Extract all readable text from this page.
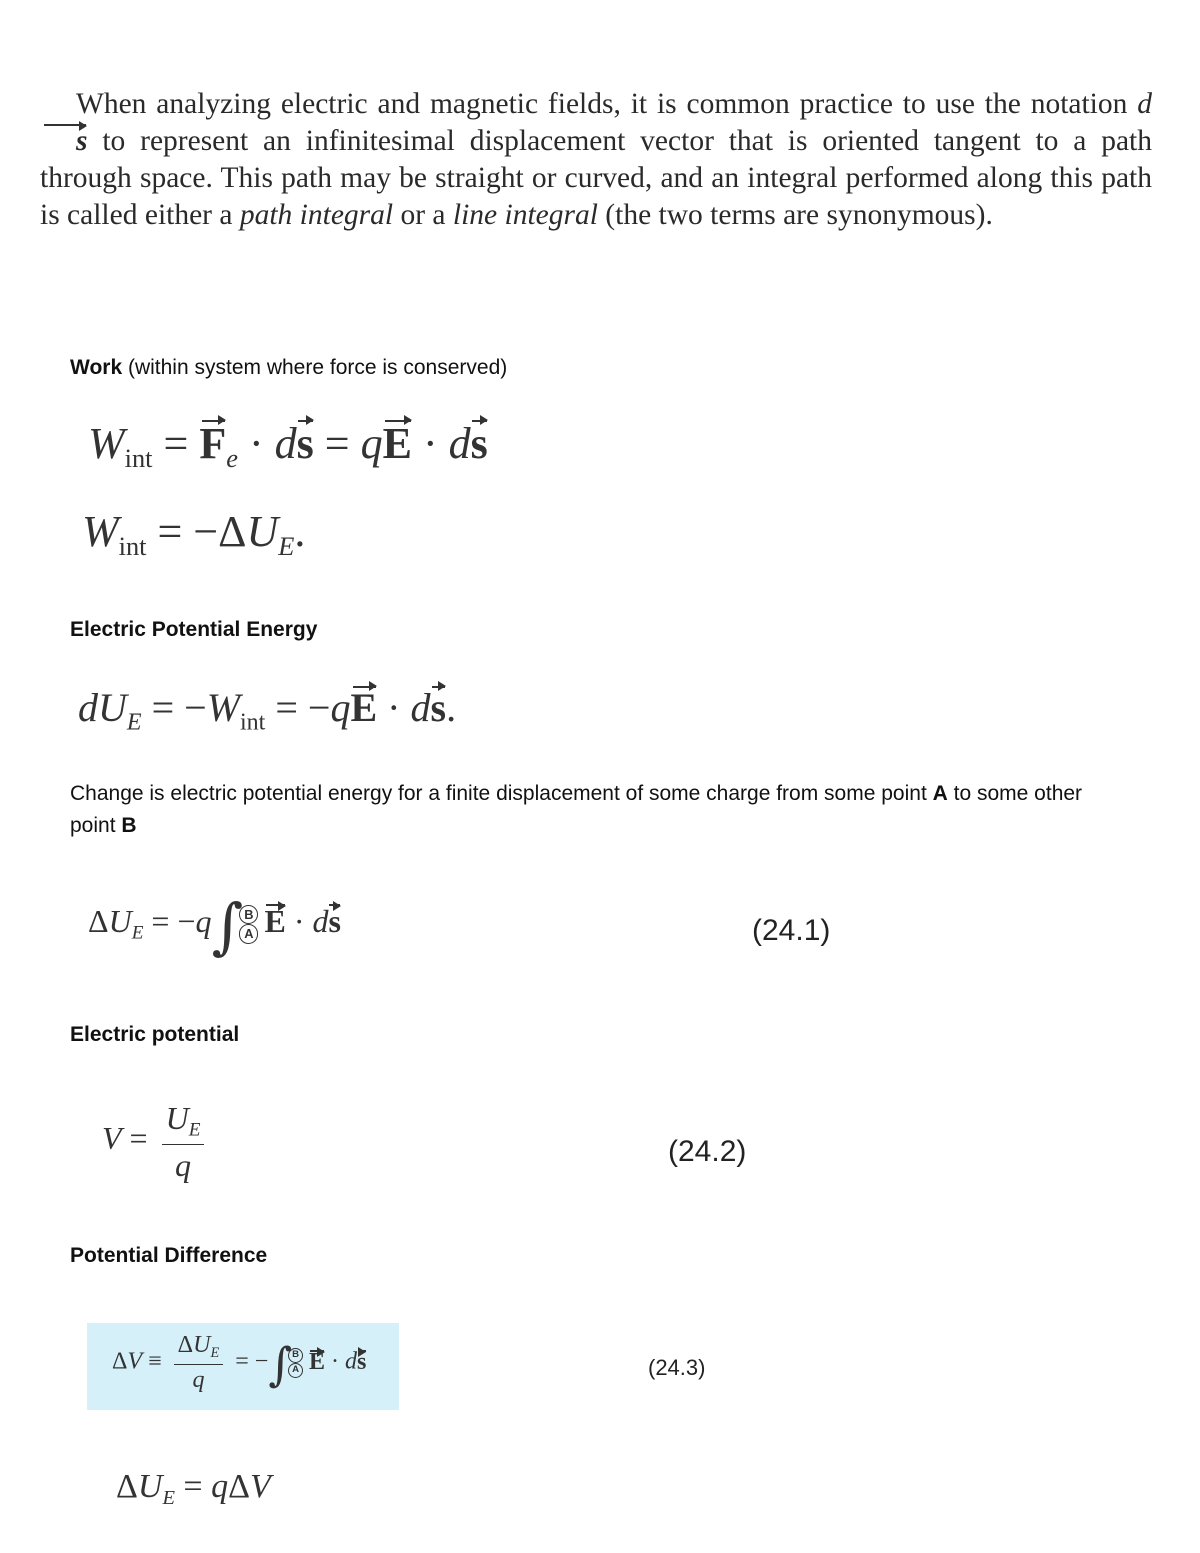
When analyzing electric and magnetic fields, it is common practice to use the notation ds to represent an infinitesimal displacement vector that is oriented tangent to a path through space. This path may be straight or curved, and an integral performed along this path is called either a path integral or a line integral (the two terms are synonymous).
Work (within system where force is conserved)
$W_{int} = F_e$ · ds = qE · ds
$W_{int} = -\Delta U_E$.
Electric Potential Energy
$dU_E = -W_{int} = -qE$ · ds.
Change is electric potential energy for a finite displacement of some charge from some point A to some other point B
$\Delta U_E = -q\int$
$\frac{B}{A}$ E · ds	(24.1)
Electric potential
$V = \frac{U_E}{q}$	(24.2)
Potential Difference
$\Delta V \equiv \frac{\Delta U_E}{q}$ = −∫
$\frac{B}{A}$ E · ds	(24.3)
$\Delta U_E = q\Delta V$
